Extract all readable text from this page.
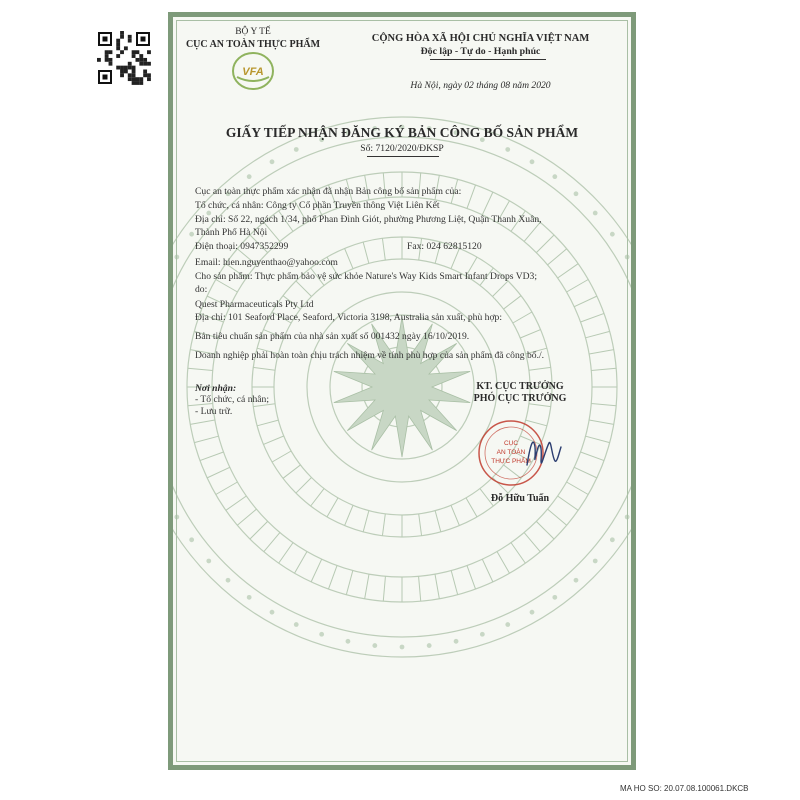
BỘ Y TẾ
CỤC AN TOÀN THỰC PHẨM
VFA
CỘNG HÒA XÃ HỘI CHỦ NGHĨA VIỆT NAM
Độc lập - Tự do - Hạnh phúc
Hà Nội, ngày 02 tháng 08 năm 2020
GIẤY TIẾP NHẬN ĐĂNG KÝ BẢN CÔNG BỐ SẢN PHẨM
Số: 7120/2020/ĐKSP
Cục an toàn thực phẩm xác nhận đã nhận Bản công bố sản phẩm của:
Tổ chức, cá nhân: Công ty Cổ phần Truyền thông Việt Liên Kết
Địa chỉ: Số 22, ngách 1/34, phố Phan Đình Giót, phường Phương Liệt, Quận Thanh Xuân,
Thành Phố Hà Nội
Điện thoại: 0947352299	Fax: 024 62815120
Email: hien.nguyenthao@yahoo.com
Cho sản phẩm: Thực phẩm bảo vệ sức khỏe Nature's Way Kids Smart Infant Drops VD3;
do:
Quest Pharmaceuticals Pty Ltd
Địa chỉ: 101 Seaford Place, Seaford, Victoria 3198, Australia sản xuất, phù hợp:
Bản tiêu chuẩn sản phẩm của nhà sản xuất số 001432 ngày 16/10/2019.
Doanh nghiệp phải hoàn toàn chịu trách nhiệm về tính phù hợp của sản phẩm đã công bố./.
Nơi nhận:
- Tổ chức, cá nhân;
- Lưu trữ.
KT. CỤC TRƯỞNG
PHÓ CỤC TRƯỞNG
CỤC
AN TOÀN
THỰC PHẨM
Đỗ Hữu Tuấn
MA HO SO: 20.07.08.100061.DKCB
